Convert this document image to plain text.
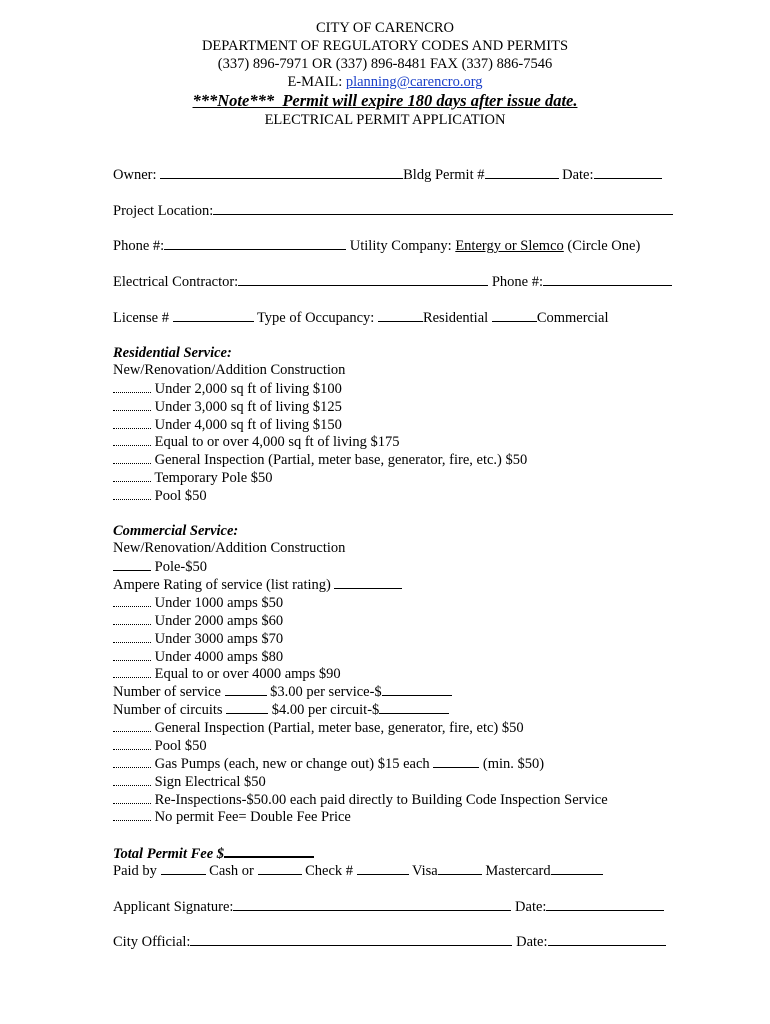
CITY OF CARENCRO
DEPARTMENT OF REGULATORY CODES AND PERMITS
(337) 896-7971 OR (337) 896-8481 FAX (337) 886-7546
E-MAIL: planning@carencro.org
***Note***  Permit will expire 180 days after issue date.
ELECTRICAL PERMIT APPLICATION
Owner:	Bldg Permit #	Date:
Project Location:
Phone #:	Utility Company: Entergy or Slemco (Circle One)
Electrical Contractor:	Phone #:
License #	Type of Occupancy:	Residential	Commercial
Residential Service:
New/Renovation/Addition Construction
Under 2,000 sq ft of living $100
Under 3,000 sq ft of living $125
Under 4,000 sq ft of living $150
Equal to or over 4,000 sq ft of living $175
General Inspection (Partial, meter base, generator, fire, etc.) $50
Temporary Pole $50
Pool $50
Commercial Service:
New/Renovation/Addition Construction
Pole-$50
Ampere Rating of service (list rating)
Under 1000 amps $50
Under 2000 amps $60
Under 3000 amps $70
Under 4000 amps $80
Equal to or over 4000 amps $90
Number of service	$3.00 per service-$
Number of circuits	$4.00 per circuit-$
General Inspection (Partial, meter base, generator, fire, etc) $50
Pool $50
Gas Pumps (each, new or change out) $15 each	(min. $50)
Sign Electrical $50
Re-Inspections-$50.00 each paid directly to Building Code Inspection Service
No permit Fee= Double Fee Price
Total Permit Fee $
Paid by	Cash or	Check #	Visa	Mastercard
Applicant Signature:	Date:
City Official:	Date:
